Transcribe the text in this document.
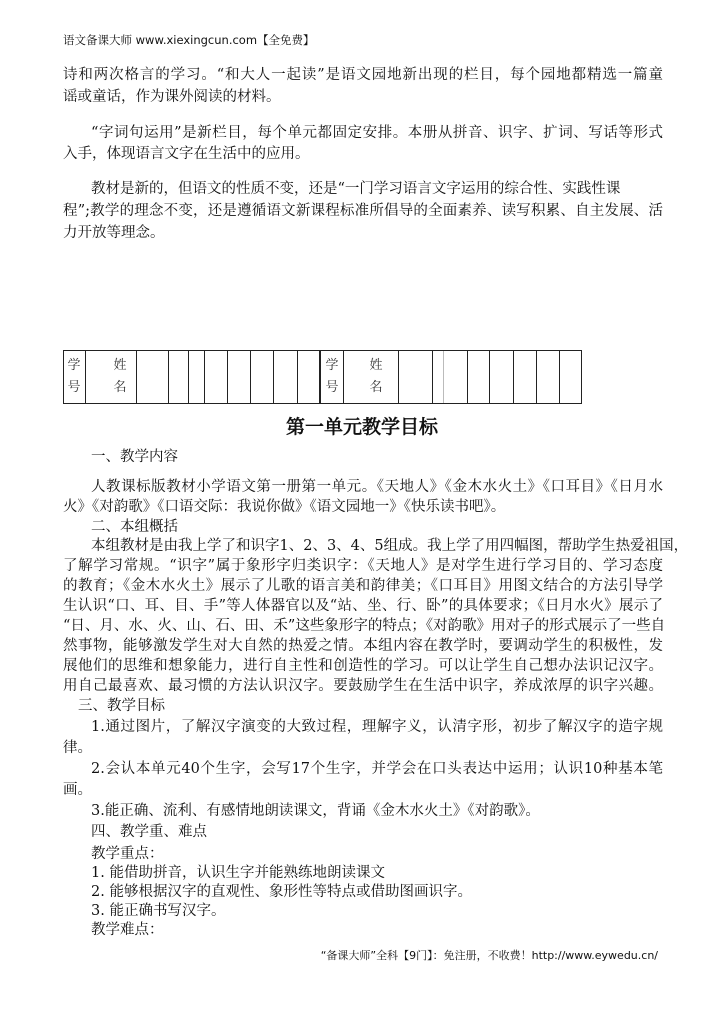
语文备课大师 www.xiexingcun.com【全免费】
诗和两次格言的学习。“和大人一起读”是语文园地新出现的栏目，每个园地都精选一篇童
谣或童话，作为课外阅读的材料。
“字词句运用”是新栏目，每个单元都固定安排。本册从拼音、识字、扩词、写话等形式
入手，体现语言文字在生活中的应用。
教材是新的，但语文的性质不变，还是“一门学习语言文字运用的综合性、实践性课
程”;教学的理念不变，还是遵循语文新课程标准所倡导的全面素养、读写积累、自主发展、活
力开放等理念。
学
号
姓
名
学
号
姓
名
第一单元教学目标
一、教学内容
人教课标版教材小学语文第一册第一单元。《天地人》《金木水火土》《口耳目》《日月水
火》《对韵歌》《口语交际：我说你做》《语文园地一》《快乐读书吧》。
二、本组概括
本组教材是由我上学了和识字1、2、3、4、5组成。我上学了用四幅图，帮助学生热爱祖国，
了解学习常规。“识字”属于象形字归类识字：《天地人》是对学生进行学习目的、学习态度
的教育；《金木水火土》展示了儿歌的语言美和韵律美；《口耳目》用图文结合的方法引导学
生认识“口、耳、目、手”等人体器官以及“站、坐、行、卧”的具体要求；《日月水火》展示了
“日、月、水、火、山、石、田、禾”这些象形字的特点；《对韵歌》用对子的形式展示了一些自
然事物，能够激发学生对大自然的热爱之情。本组内容在教学时，要调动学生的积极性，发
展他们的思维和想象能力，进行自主性和创造性的学习。可以让学生自己想办法识记汉字。
用自己最喜欢、最习惯的方法认识汉字。要鼓励学生在生活中识字，养成浓厚的识字兴趣。
三、教学目标
1.通过图片，了解汉字演变的大致过程，理解字义，认清字形，初步了解汉字的造字规
律。
2.会认本单元40个生字，会写17个生字，并学会在口头表达中运用；认识10种基本笔
画。
3.能正确、流利、有感情地朗读课文，背诵《金木水火土》《对韵歌》。
四、教学重、难点
教学重点：
1. 能借助拼音，认识生字并能熟练地朗读课文
2. 能够根据汉字的直观性、象形性等特点或借助图画识字。
3. 能正确书写汉字。
教学难点：
“备课大师”全科【9门】：免注册，不收费！http://www.eywedu.cn/
